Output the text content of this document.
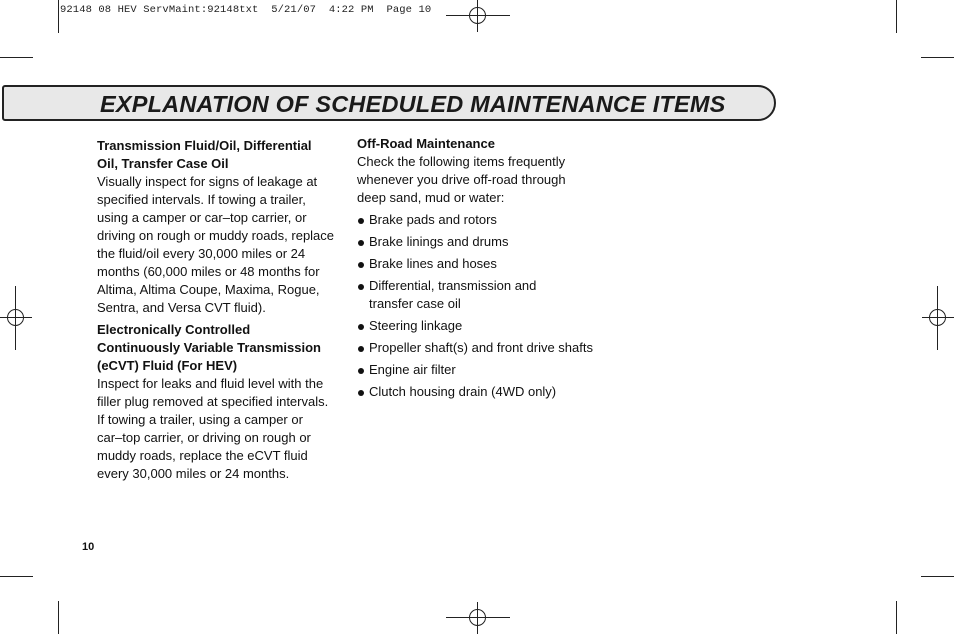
92148 08 HEV ServMaint:92148txt  5/21/07  4:22 PM  Page 10
EXPLANATION OF SCHEDULED MAINTENANCE ITEMS
Transmission Fluid/Oil, Differential
Oil, Transfer Case Oil
Visually inspect for signs of leakage at
specified intervals. If towing a trailer,
using a camper or car–top carrier, or
driving on rough or muddy roads, replace
the fluid/oil every 30,000 miles or 24
months (60,000 miles or 48 months for
Altima, Altima Coupe, Maxima, Rogue,
Sentra, and Versa CVT fluid).
Electronically Controlled
Continuously Variable Transmission
(eCVT) Fluid (For HEV)
Inspect for leaks and fluid level with the
filler plug removed at specified intervals.
If towing a trailer, using a camper or
car–top carrier, or driving on rough or
muddy roads, replace the eCVT fluid
every 30,000 miles or 24 months.
Off-Road Maintenance
Check the following items frequently
whenever you drive off-road through
deep sand, mud or water:
Brake pads and rotors
Brake linings and drums
Brake lines and hoses
Differential, transmission and
transfer case oil
Steering linkage
Propeller shaft(s) and front drive shafts
Engine air filter
Clutch housing drain (4WD only)
10
